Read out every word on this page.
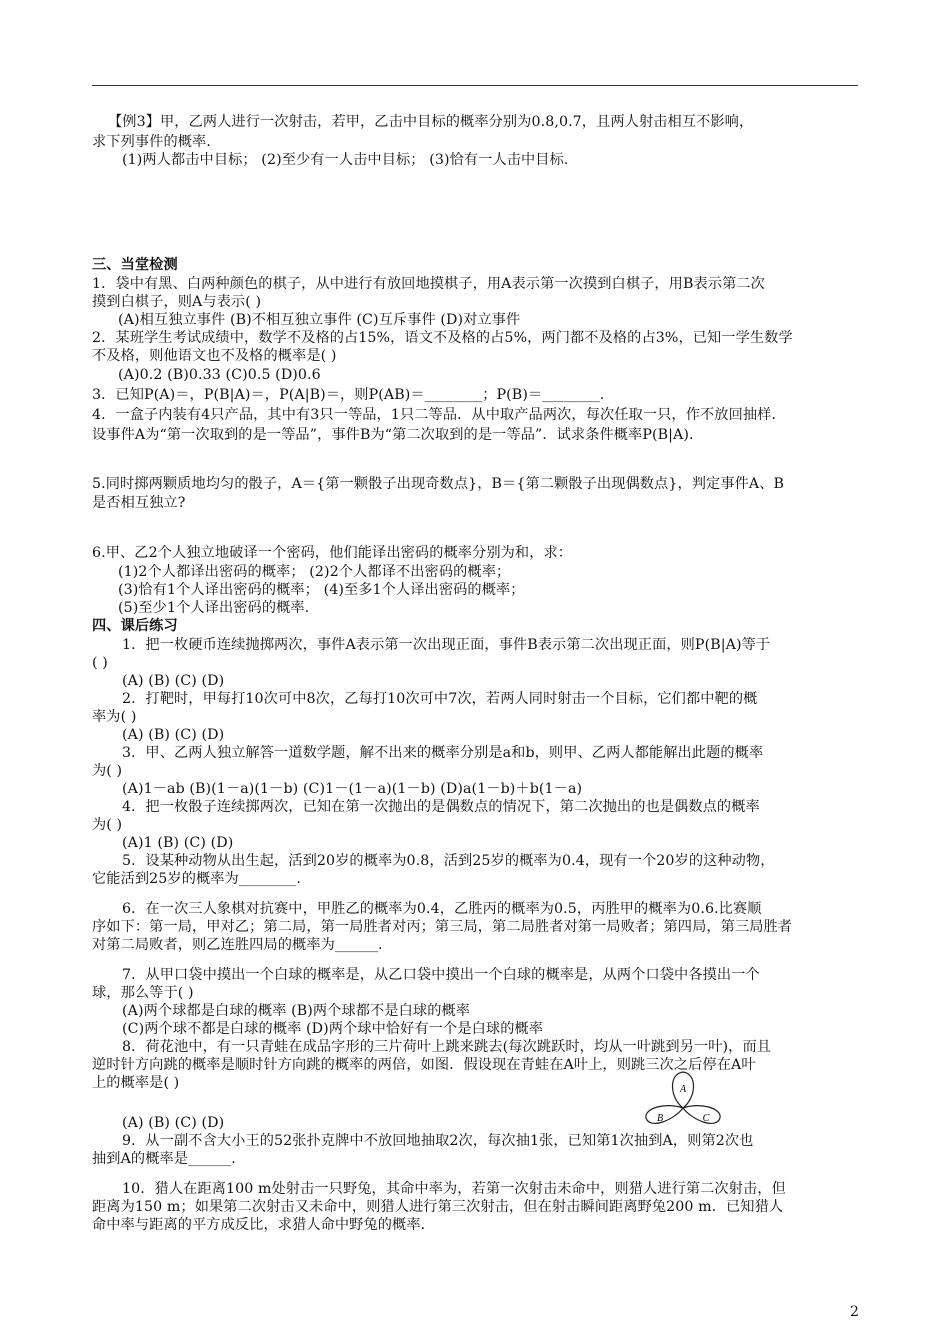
【例3】甲，乙两人进行一次射击，若甲，乙击中目标的概率分别为0.8,0.7，且两人射击相互不影响，
求下列事件的概率.
(1)两人都击中目标； (2)至少有一人击中目标； (3)恰有一人击中目标.
三、当堂检测
1．袋中有黑、白两种颜色的棋子，从中进行有放回地摸棋子，用A表示第一次摸到白棋子，用B表示第二次
摸到白棋子，则A与表示( )
(A)相互独立事件 (B)不相互独立事件 (C)互斥事件 (D)对立事件
2．某班学生考试成绩中，数学不及格的占15%，语文不及格的占5%，两门都不及格的占3%，已知一学生数学
不及格，则他语文也不及格的概率是( )
(A)0.2 (B)0.33 (C)0.5 (D)0.6
3．已知P(A)＝，P(B|A)＝，P(A|B)＝，则P(AB)＝________；P(B)＝________.
4．一盒子内装有4只产品，其中有3只一等品，1只二等品．从中取产品两次，每次任取一只，作不放回抽样．
设事件A为“第一次取到的是一等品”，事件B为“第二次取到的是一等品”．试求条件概率P(B|A)．
5.同时掷两颗质地均匀的骰子，A＝{第一颗骰子出现奇数点}，B＝{第二颗骰子出现偶数点}，判定事件A、B
是否相互独立?
6.甲、乙2个人独立地破译一个密码，他们能译出密码的概率分别为和，求：
(1)2个人都译出密码的概率； (2)2个人都译不出密码的概率；
(3)恰有1个人译出密码的概率； (4)至多1个人译出密码的概率；
(5)至少1个人译出密码的概率.
四、课后练习
1．把一枚硬币连续抛掷两次，事件A表示第一次出现正面，事件B表示第二次出现正面，则P(B|A)等于
( )
(A) (B) (C) (D)
2．打靶时，甲每打10次可中8次，乙每打10次可中7次，若两人同时射击一个目标，它们都中靶的概
率为( )
(A) (B) (C) (D)
3．甲、乙两人独立解答一道数学题，解不出来的概率分别是a和b，则甲、乙两人都能解出此题的概率
为( )
(A)1－ab (B)(1－a)(1－b) (C)1－(1－a)(1－b) (D)a(1－b)＋b(1－a)
4．把一枚骰子连续掷两次，已知在第一次抛出的是偶数点的情况下，第二次抛出的也是偶数点的概率
为( )
(A)1 (B) (C) (D)
5．设某种动物从出生起，活到20岁的概率为0.8，活到25岁的概率为0.4，现有一个20岁的这种动物，
它能活到25岁的概率为________.
6．在一次三人象棋对抗赛中，甲胜乙的概率为0.4，乙胜丙的概率为0.5，丙胜甲的概率为0.6.比赛顺
序如下：第一局，甲对乙；第二局，第一局胜者对丙；第三局，第二局胜者对第一局败者；第四局，第三局胜者
对第二局败者，则乙连胜四局的概率为______.
7．从甲口袋中摸出一个白球的概率是，从乙口袋中摸出一个白球的概率是，从两个口袋中各摸出一个
球，那么等于( )
(A)两个球都是白球的概率 (B)两个球都不是白球的概率
(C)两个球不都是白球的概率 (D)两个球中恰好有一个是白球的概率
8．荷花池中，有一只青蛙在成品字形的三片荷叶上跳来跳去(每次跳跃时，均从一叶跳到另一叶)，而且
逆时针方向跳的概率是顺时针方向跳的概率的两倍，如图．假设现在青蛙在A叶上，则跳三次之后停在A叶
上的概率是( )	A
B	C
(A) (B) (C) (D)
9．从一副不含大小王的52张扑克牌中不放回地抽取2次，每次抽1张，已知第1次抽到A，则第2次也
抽到A的概率是______.
10．猎人在距离100 m处射击一只野兔，其命中率为，若第一次射击未命中，则猎人进行第二次射击，但
距离为150 m；如果第二次射击又未命中，则猎人进行第三次射击，但在射击瞬间距离野兔200 m．已知猎人
命中率与距离的平方成反比，求猎人命中野兔的概率．
2
